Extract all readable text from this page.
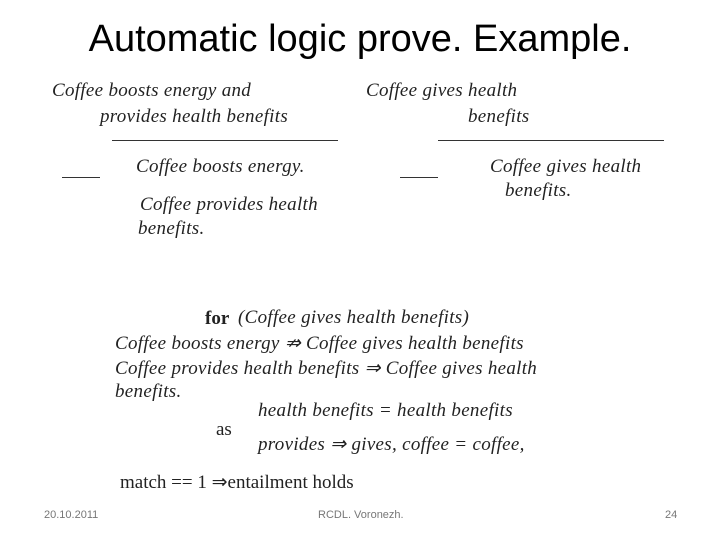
Automatic logic prove. Example.
Coffee boosts energy and
provides health benefits
Coffee boosts energy.
Coffee provides health
benefits.
Coffee gives health
benefits
Coffee gives health
benefits.
for (Coffee gives health benefits)
Coffee boosts energy ⇏ Coffee gives health benefits
Coffee provides health benefits ⇒ Coffee gives health
benefits.
health benefits = health benefits
as
provides ⇒ gives, coffee = coffee,
match == 1 ⇒entailment holds
20.10.2011	RCDL. Voronezh.	24
